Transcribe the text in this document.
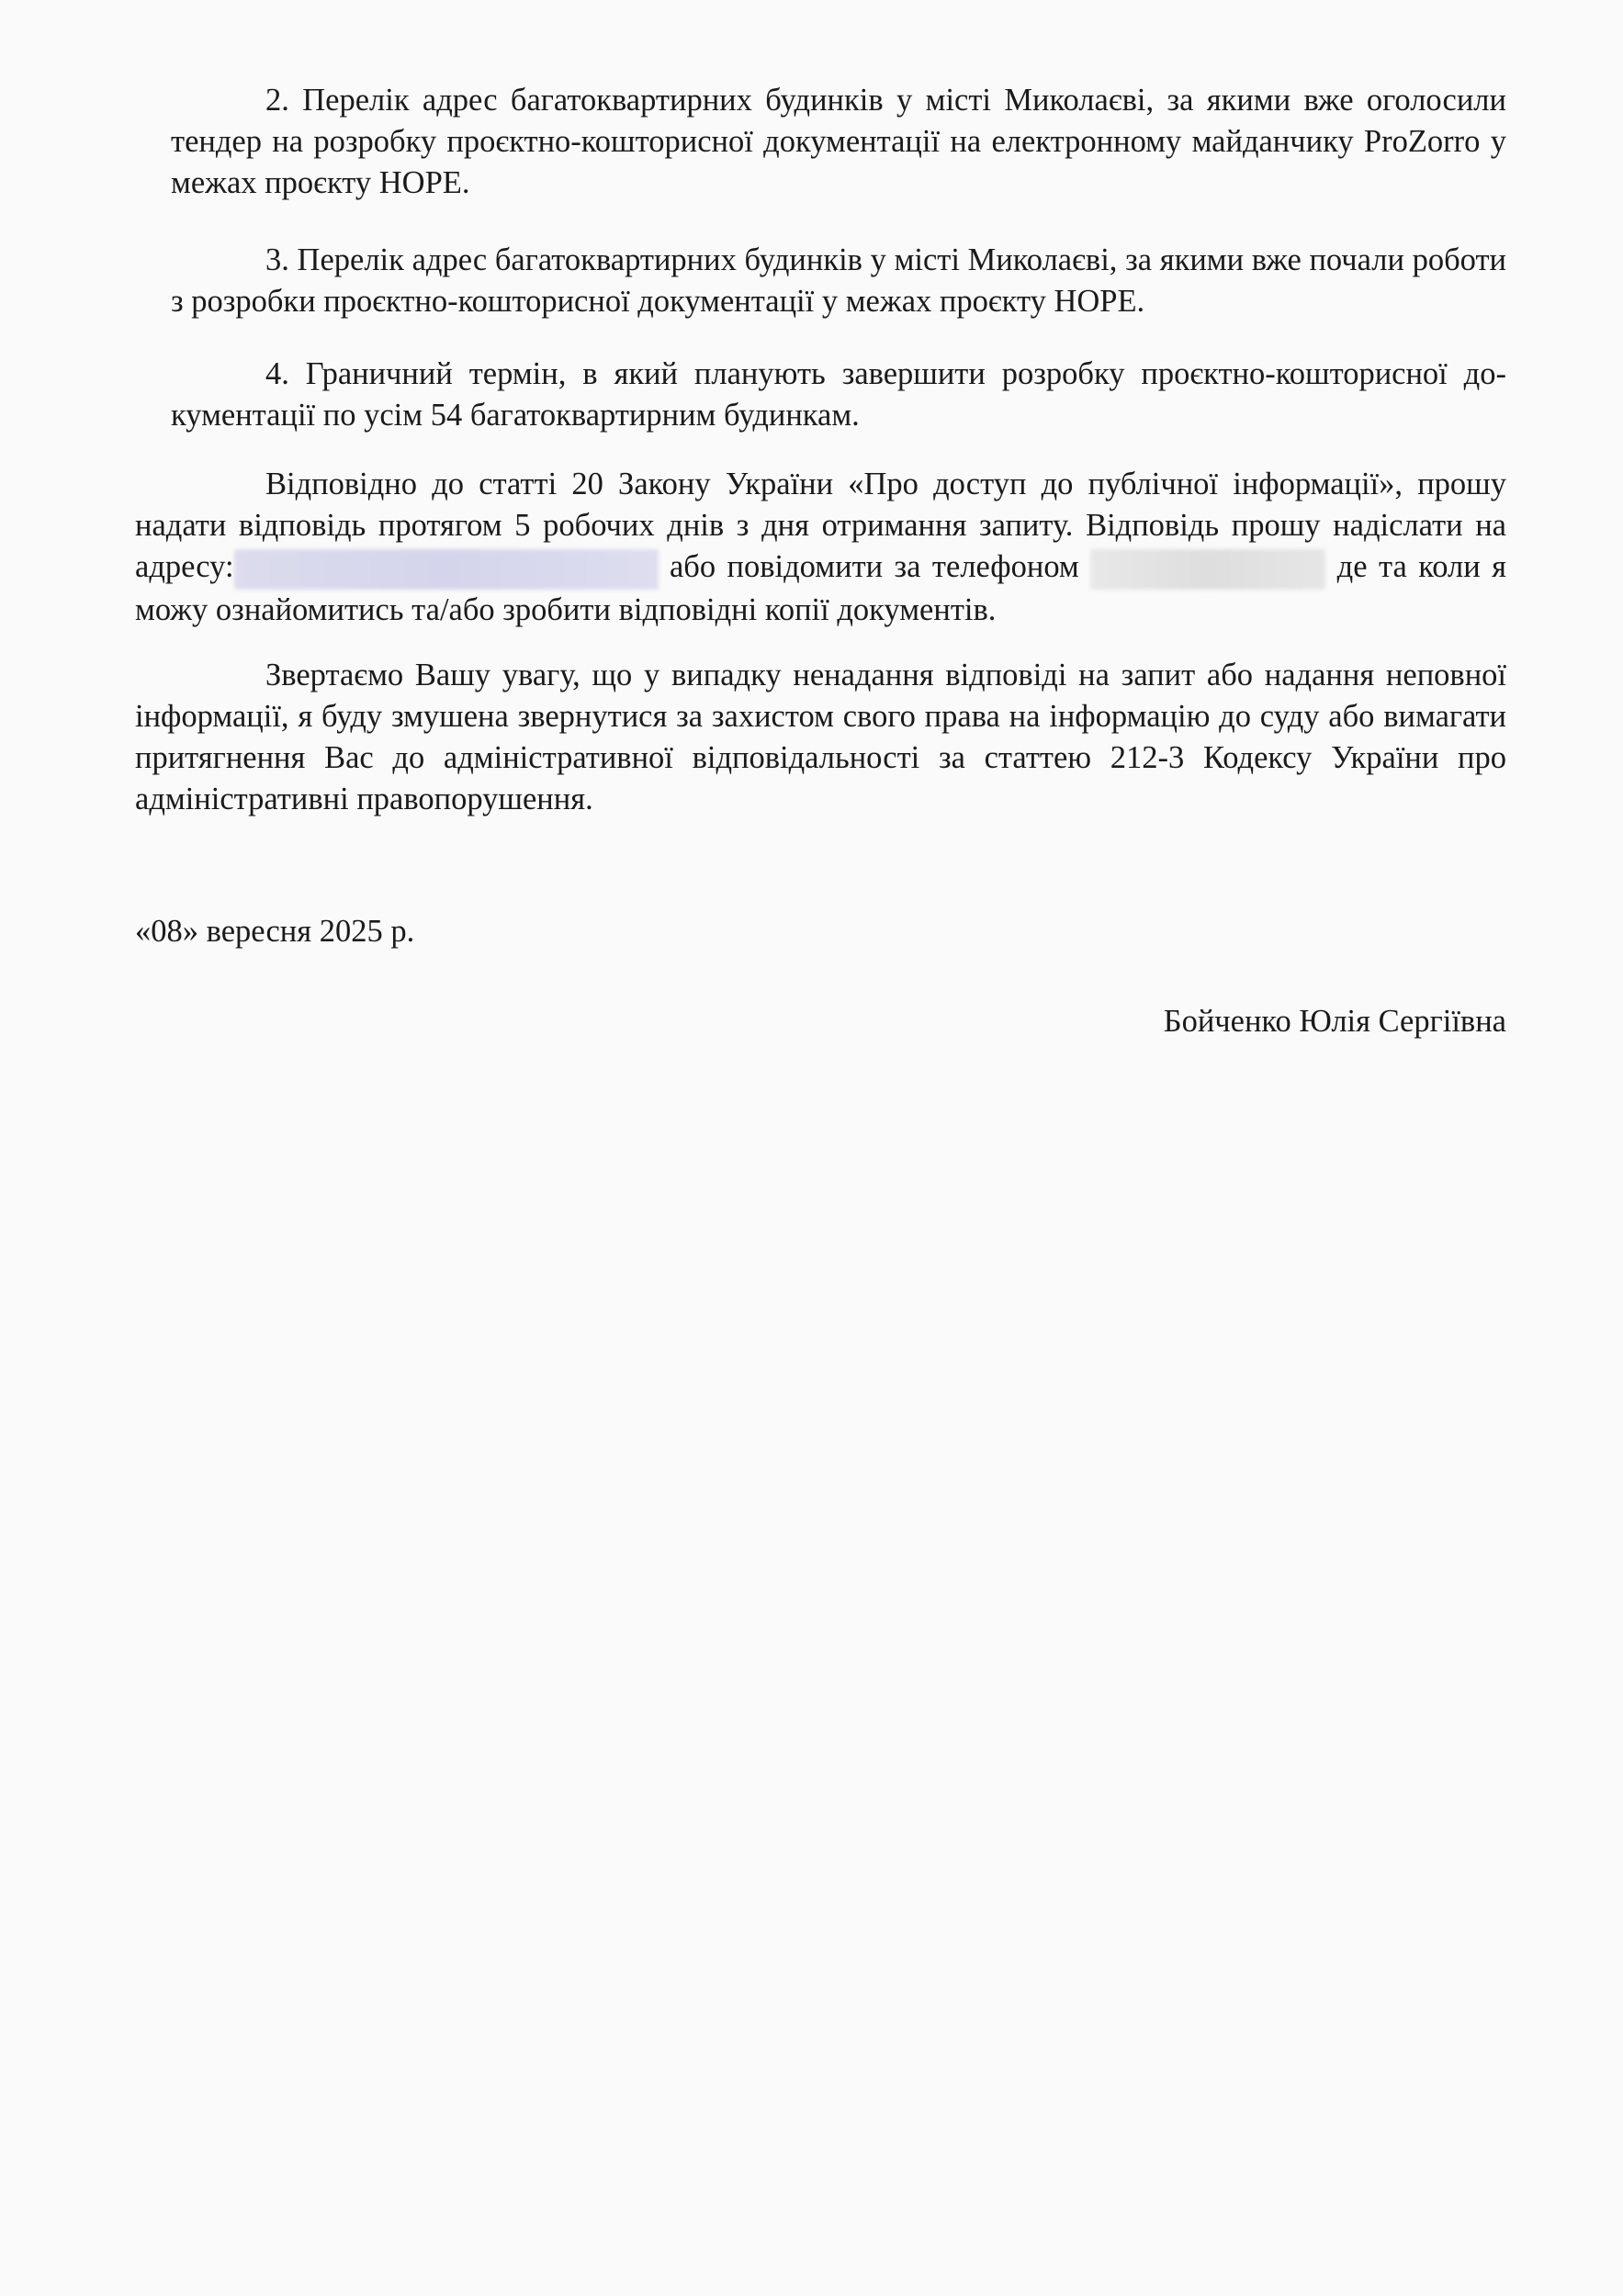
2. Перелік адрес багатоквартирних будинків у місті Миколаєві, за якими вже оголосили тендер на розробку проєктно-кошторисної документації на електронному майданчику ProZorro у межах проєкту HOPE.

3. Перелік адрес багатоквартирних будинків у місті Миколаєві, за якими вже почали роботи з розробки проєктно-кошторисної документації у межах проєкту HOPE.

4. Граничний термін, в який планують завершити розробку проєктно-кошторисної документації по усім 54 багатоквартирним будинкам.

Відповідно до статті 20 Закону України «Про доступ до публічної інформації», прошу надати відповідь протягом 5 робочих днів з дня отримання запиту. Відповідь прошу надіслати на адресу:	або повідомити за телефоном	де та коли я можу ознайомитись та/або зробити відповідні копії документів.

Звертаємо Вашу увагу, що у випадку ненадання відповіді на запит або надання неповної інформації, я буду змушена звернутися за захистом свого права на інформацію до суду або вимагати притягнення Вас до адміністративної відповідальності за статтею 212-3 Кодексу України про адміністративні правопорушення.

«08» вересня 2025 р.
Бойченко Юлія Сергіївна
